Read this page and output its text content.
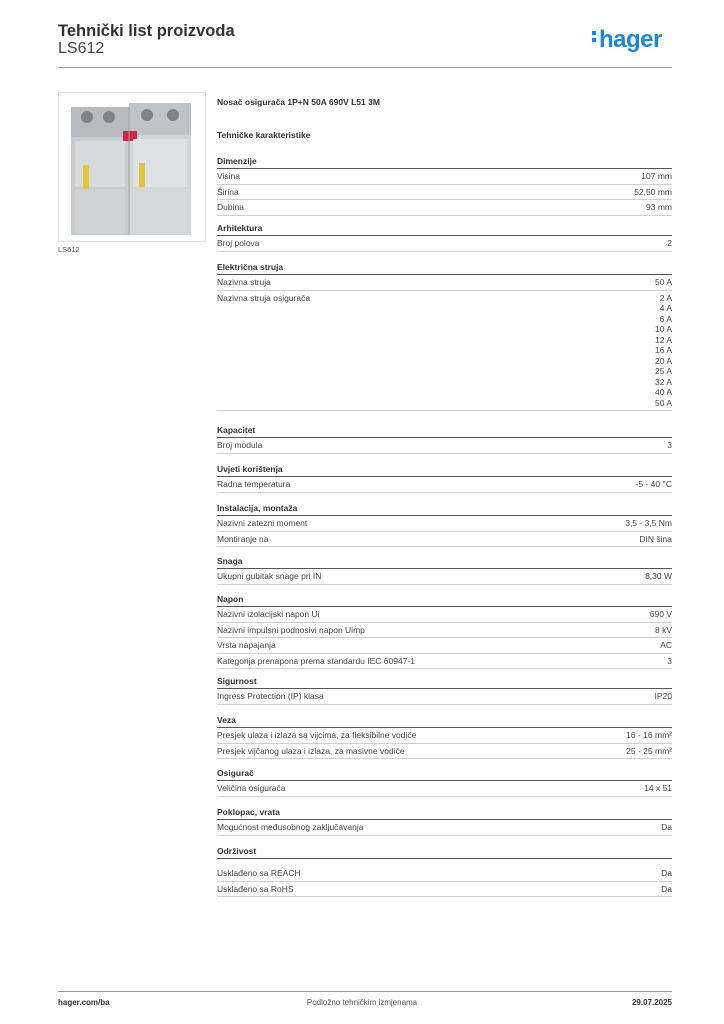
Tehnički list proizvoda
LS612	hager
LS612
Nosač osigurača 1P+N 50A 690V L51 3M
Tehničke karakteristike
Dimenzije
Visina	107 mm
Širina	52,50 mm
Dubina	93 mm
Arhitektura
Broj polova	2
Električna struja
Nazivna struja	50 A
Nazivna struja osigurača	2 A
4 A
6 A
10 A
12 A
16 A
20 A
25 A
32 A
40 A
50 A
Kapacitet
Broj modula	3
Uvjeti korištenja
Radna temperatura	-5 - 40 °C
Instalacija, montaža
Nazivni zatezni moment	3,5 - 3,5 Nm
Montiranje na	DIN šina
Snaga
Ukupni gubitak snage pri IN	8,30 W
Napon
Nazivni izolacijski napon Ui	690 V
Nazivni impulsni podnosivi napon Uimp	8 kV
Vrsta napajanja	AC
Kategorija prenapona prema standardu IEC 60947-1	3
Sigurnost
Ingress Protection (IP) klasa	IP20
Veza
Presjek ulaza i izlaza sa vijcima, za fleksibilne vodiče	16 - 16 mm²
Presjek vijčanog ulaza i izlaza, za masivne vodiče	25 - 25 mm²
Osigurač
Veličina osigurača	14 x 51
Poklopac, vrata
Mogućnost međusobnog zaključavanja	Da
Održivost
Usklađeno sa REACH	Da
Usklađeno sa RoHS	Da
hager.com/ba	Podložno tehničkim izmjenama	29.07.2025
